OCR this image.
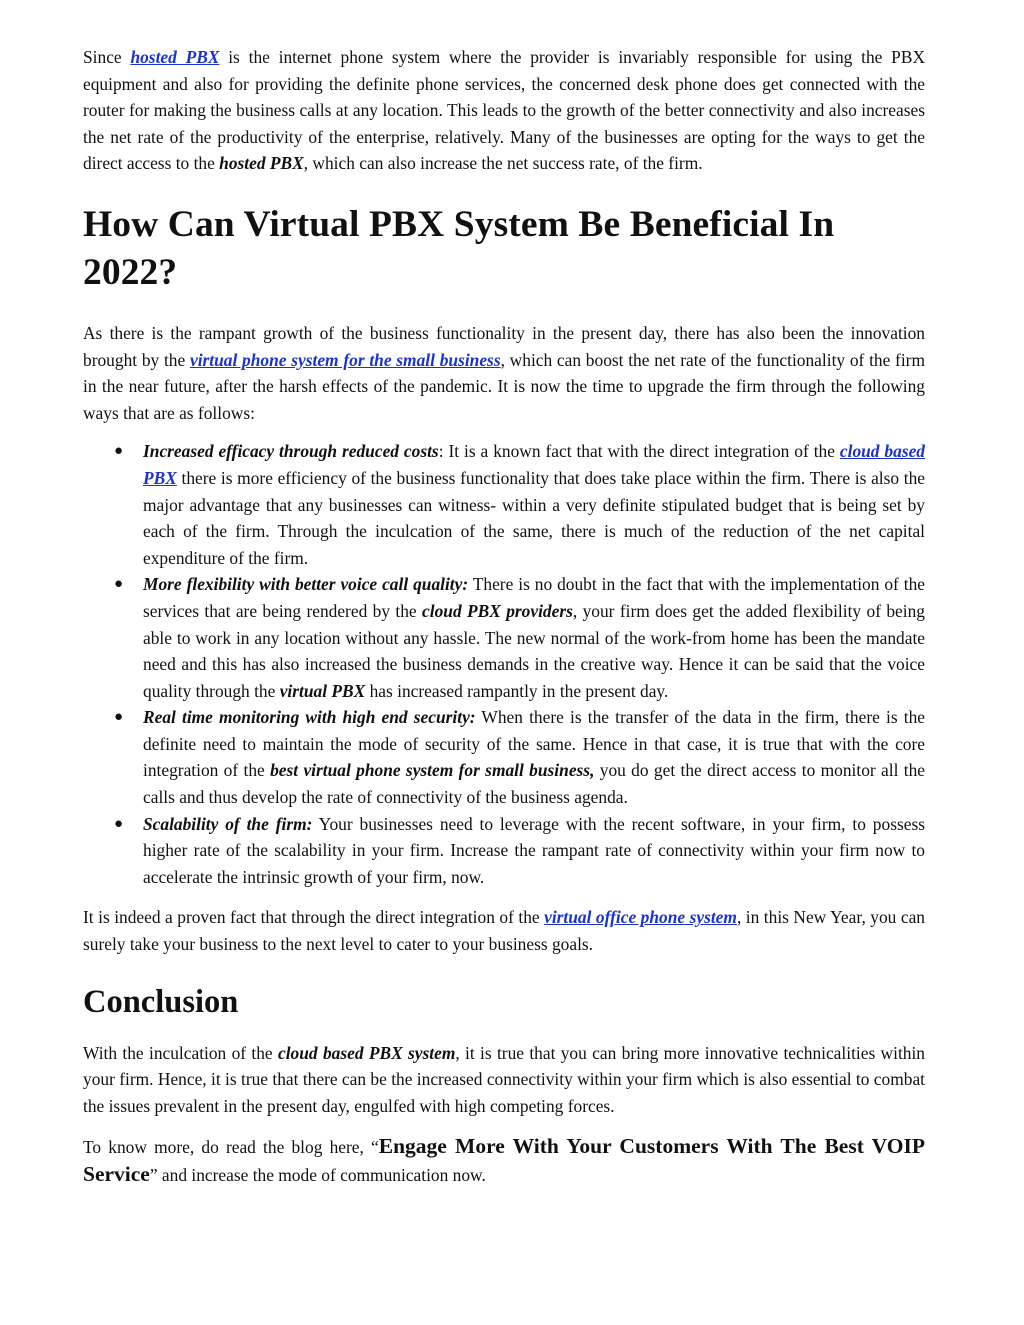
Since hosted PBX is the internet phone system where the provider is invariably responsible for using the PBX equipment and also for providing the definite phone services, the concerned desk phone does get connected with the router for making the business calls at any location. This leads to the growth of the better connectivity and also increases the net rate of the productivity of the enterprise, relatively. Many of the businesses are opting for the ways to get the direct access to the hosted PBX, which can also increase the net success rate, of the firm.

How Can Virtual PBX System Be Beneficial In 2022?

As there is the rampant growth of the business functionality in the present day, there has also been the innovation brought by the virtual phone system for the small business, which can boost the net rate of the functionality of the firm in the near future, after the harsh effects of the pandemic. It is now the time to upgrade the firm through the following ways that are as follows:

● Increased efficacy through reduced costs: It is a known fact that with the direct integration of the cloud based PBX there is more efficiency of the business functionality that does take place within the firm. There is also the major advantage that any businesses can witness- within a very definite stipulated budget that is being set by each of the firm. Through the inculcation of the same, there is much of the reduction of the net capital expenditure of the firm.

● More flexibility with better voice call quality: There is no doubt in the fact that with the implementation of the services that are being rendered by the cloud PBX providers, your firm does get the added flexibility of being able to work in any location without any hassle. The new normal of the work-from home has been the mandate need and this has also increased the business demands in the creative way. Hence it can be said that the voice quality through the virtual PBX has increased rampantly in the present day.

● Real time monitoring with high end security: When there is the transfer of the data in the firm, there is the definite need to maintain the mode of security of the same. Hence in that case, it is true that with the core integration of the best virtual phone system for small business, you do get the direct access to monitor all the calls and thus develop the rate of connectivity of the business agenda.

● Scalability of the firm: Your businesses need to leverage with the recent software, in your firm, to possess higher rate of the scalability in your firm. Increase the rampant rate of connectivity within your firm now to accelerate the intrinsic growth of your firm, now.

It is indeed a proven fact that through the direct integration of the virtual office phone system, in this New Year, you can surely take your business to the next level to cater to your business goals.

Conclusion

With the inculcation of the cloud based PBX system, it is true that you can bring more innovative technicalities within your firm. Hence, it is true that there can be the increased connectivity within your firm which is also essential to combat the issues prevalent in the present day, engulfed with high competing forces.

To know more, do read the blog here, “Engage More With Your Customers With The Best VOIP Service” and increase the mode of communication now.
